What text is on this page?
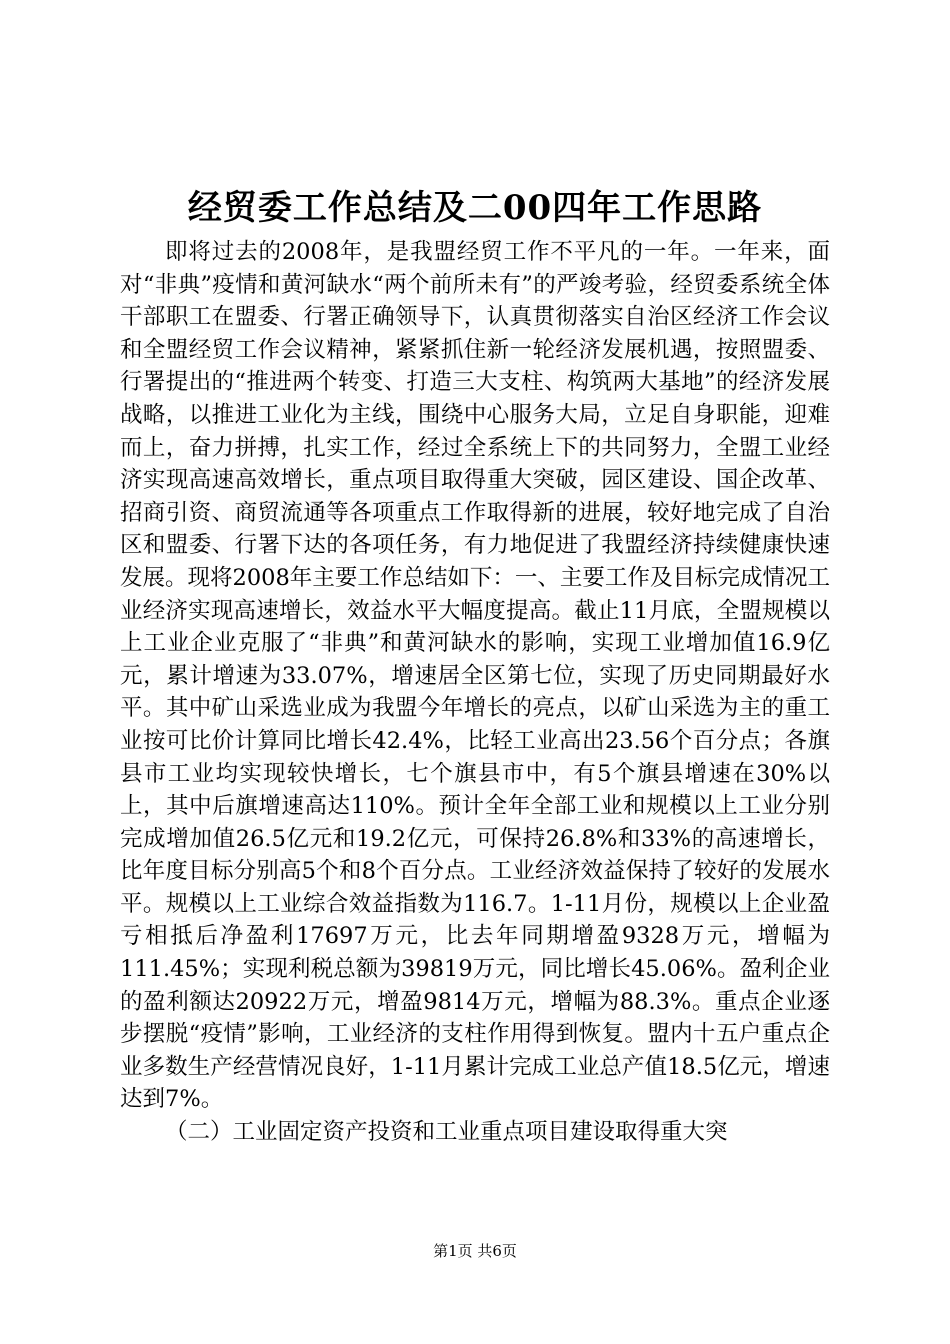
经贸委工作总结及二00四年工作思路

即将过去的2008年，是我盟经贸工作不平凡的一年。一年来，面对“非典”疫情和黄河缺水“两个前所未有”的严竣考验，经贸委系统全体干部职工在盟委、行署正确领导下，认真贯彻落实自治区经济工作会议和全盟经贸工作会议精神，紧紧抓住新一轮经济发展机遇，按照盟委、行署提出的“推进两个转变、打造三大支柱、构筑两大基地”的经济发展战略，以推进工业化为主线，围绕中心服务大局，立足自身职能，迎难而上，奋力拼搏，扎实工作，经过全系统上下的共同努力，全盟工业经济实现高速高效增长，重点项目取得重大突破，园区建设、国企改革、招商引资、商贸流通等各项重点工作取得新的进展，较好地完成了自治区和盟委、行署下达的各项任务，有力地促进了我盟经济持续健康快速发展。现将2008年主要工作总结如下：一、主要工作及目标完成情况工业经济实现高速增长，效益水平大幅度提高。截止11月底，全盟规模以上工业企业克服了“非典”和黄河缺水的影响，实现工业增加值16.9亿元，累计增速为33.07%，增速居全区第七位，实现了历史同期最好水平。其中矿山采选业成为我盟今年增长的亮点，以矿山采选为主的重工业按可比价计算同比增长42.4%，比轻工业高出23.56个百分点；各旗县市工业均实现较快增长，七个旗县市中，有5个旗县增速在30%以上，其中后旗增速高达110%。预计全年全部工业和规模以上工业分别完成增加值26.5亿元和19.2亿元，可保持26.8%和33%的高速增长，比年度目标分别高5个和8个百分点。工业经济效益保持了较好的发展水平。规模以上工业综合效益指数为116.7。1-11月份，规模以上企业盈亏相抵后净盈利17697万元，比去年同期增盈9328万元，增幅为111.45%；实现利税总额为39819万元，同比增长45.06%。盈利企业的盈利额达20922万元，增盈9814万元，增幅为88.3%。重点企业逐步摆脱“疫情”影响，工业经济的支柱作用得到恢复。盟内十五户重点企业多数生产经营情况良好，1-11月累计完成工业总产值18.5亿元，增速达到7%。

（二）工业固定资产投资和工业重点项目建设取得重大突

第1页 共6页
